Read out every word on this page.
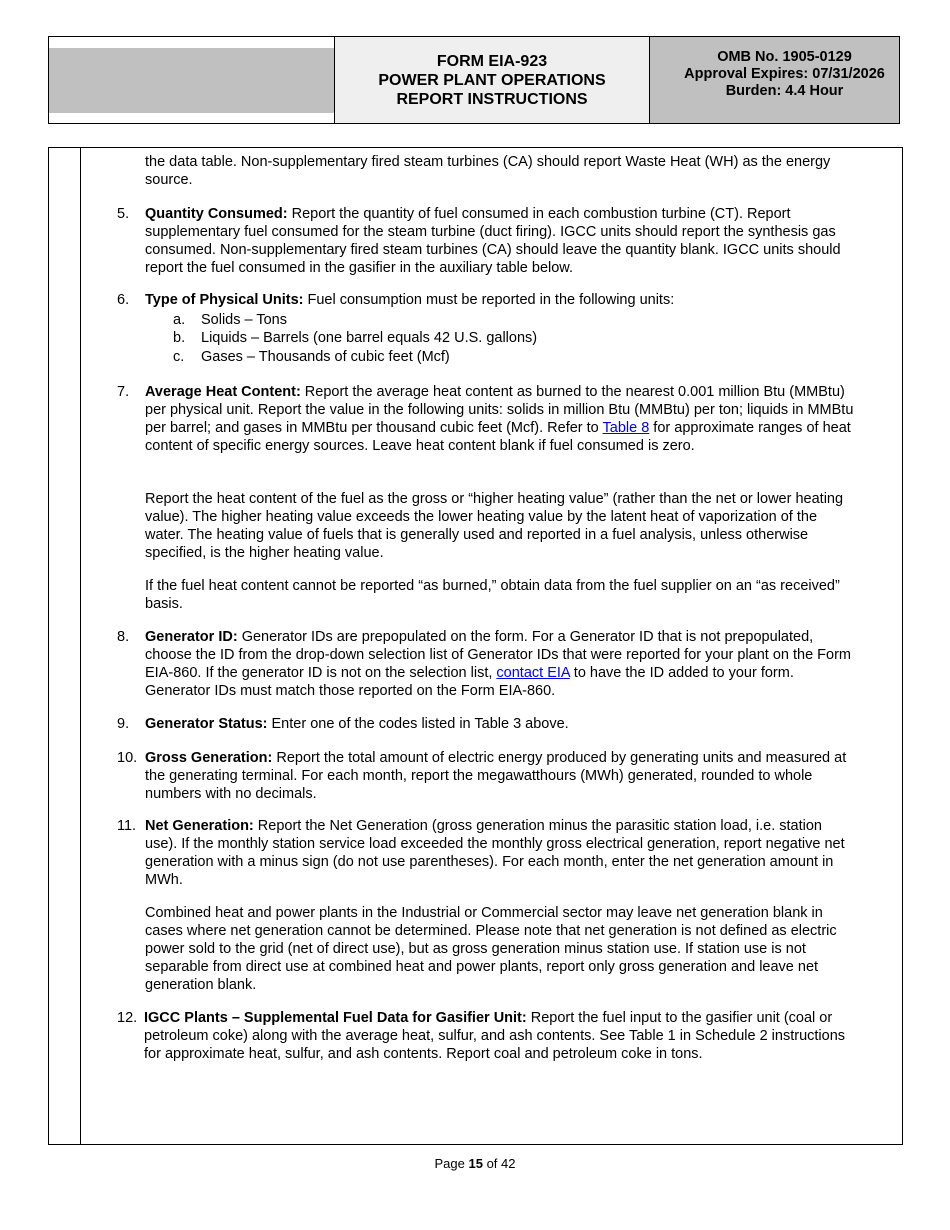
FORM EIA-923
POWER PLANT OPERATIONS
REPORT INSTRUCTIONS
OMB No. 1905-0129
Approval Expires: 07/31/2026
Burden: 4.4 Hour
the data table. Non-supplementary fired steam turbines (CA) should report Waste Heat (WH) as the energy source.
5. Quantity Consumed: Report the quantity of fuel consumed in each combustion turbine (CT). Report supplementary fuel consumed for the steam turbine (duct firing). IGCC units should report the synthesis gas consumed. Non-supplementary fired steam turbines (CA) should leave the quantity blank. IGCC units should report the fuel consumed in the gasifier in the auxiliary table below.
6. Type of Physical Units: Fuel consumption must be reported in the following units:
a. Solids – Tons
b. Liquids – Barrels (one barrel equals 42 U.S. gallons)
c. Gases – Thousands of cubic feet (Mcf)
7. Average Heat Content: Report the average heat content as burned to the nearest 0.001 million Btu (MMBtu) per physical unit. Report the value in the following units: solids in million Btu (MMBtu) per ton; liquids in MMBtu per barrel; and gases in MMBtu per thousand cubic feet (Mcf). Refer to Table 8 for approximate ranges of heat content of specific energy sources. Leave heat content blank if fuel consumed is zero.
Report the heat content of the fuel as the gross or “higher heating value” (rather than the net or lower heating value). The higher heating value exceeds the lower heating value by the latent heat of vaporization of the water. The heating value of fuels that is generally used and reported in a fuel analysis, unless otherwise specified, is the higher heating value.
If the fuel heat content cannot be reported “as burned,” obtain data from the fuel supplier on an “as received” basis.
8. Generator ID: Generator IDs are prepopulated on the form. For a Generator ID that is not prepopulated, choose the ID from the drop-down selection list of Generator IDs that were reported for your plant on the Form EIA-860. If the generator ID is not on the selection list, contact EIA to have the ID added to your form. Generator IDs must match those reported on the Form EIA-860.
9. Generator Status: Enter one of the codes listed in Table 3 above.
10. Gross Generation: Report the total amount of electric energy produced by generating units and measured at the generating terminal. For each month, report the megawatthours (MWh) generated, rounded to whole numbers with no decimals.
11. Net Generation: Report the Net Generation (gross generation minus the parasitic station load, i.e. station use). If the monthly station service load exceeded the monthly gross electrical generation, report negative net generation with a minus sign (do not use parentheses). For each month, enter the net generation amount in MWh.
Combined heat and power plants in the Industrial or Commercial sector may leave net generation blank in cases where net generation cannot be determined. Please note that net generation is not defined as electric power sold to the grid (net of direct use), but as gross generation minus station use. If station use is not separable from direct use at combined heat and power plants, report only gross generation and leave net generation blank.
12. IGCC Plants – Supplemental Fuel Data for Gasifier Unit: Report the fuel input to the gasifier unit (coal or petroleum coke) along with the average heat, sulfur, and ash contents. See Table 1 in Schedule 2 instructions for approximate heat, sulfur, and ash contents. Report coal and petroleum coke in tons.
Page 15 of 42
